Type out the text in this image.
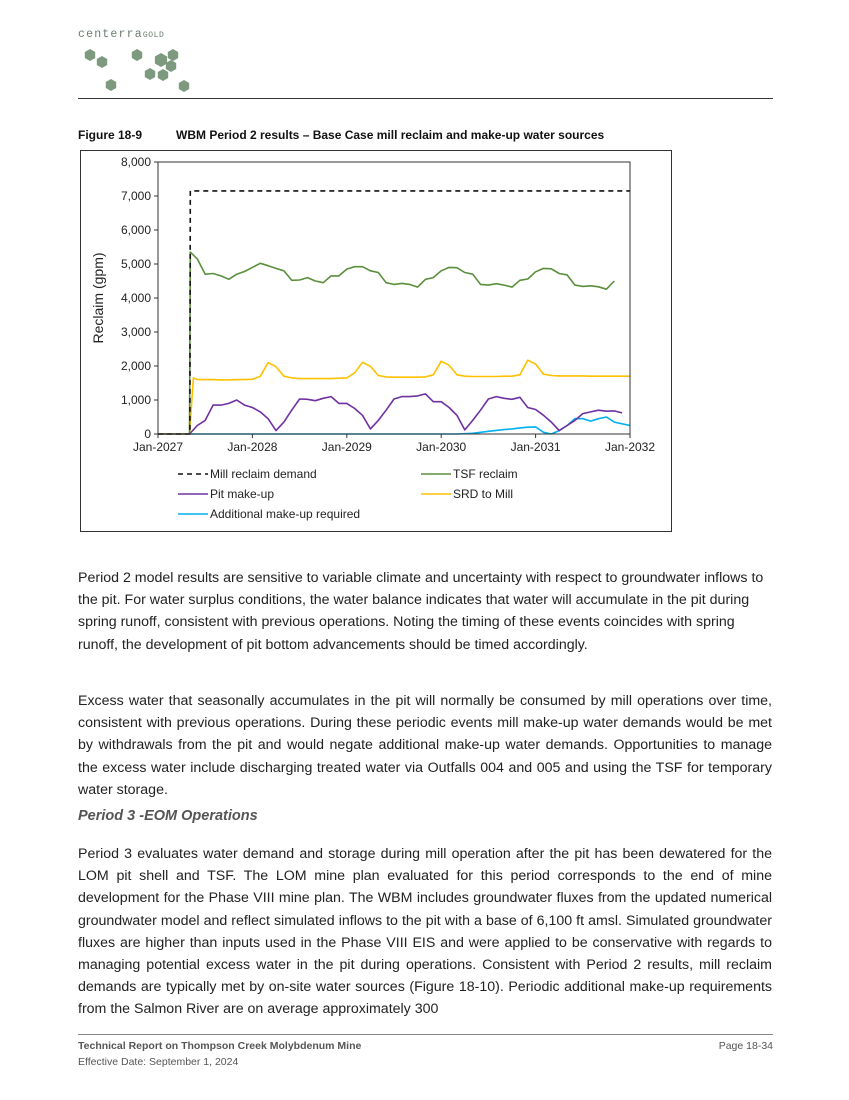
centerraGOLD
Figure 18-9	WBM Period 2 results – Base Case mill reclaim and make-up water sources
0
1,000
2,000
3,000
4,000
5,000
6,000
7,000
8,000
Jan-2027	Jan-2028	Jan-2029	Jan-2030	Jan-2031	Jan-2032
Reclaim (gpm)
Mill reclaim demand	TSF reclaim
Pit make-up	SRD to Mill
Additional make-up required

Period 2 model results are sensitive to variable climate and uncertainty with respect to groundwater inflows to the pit. For water surplus conditions, the water balance indicates that water will accumulate in the pit during spring runoff, consistent with previous operations. Noting the timing of these events coincides with spring runoff, the development of pit bottom advancements should be timed accordingly.

Excess water that seasonally accumulates in the pit will normally be consumed by mill operations over time, consistent with previous operations. During these periodic events mill make-up water demands would be met by withdrawals from the pit and would negate additional make-up water demands. Opportunities to manage the excess water include discharging treated water via Outfalls 004 and 005 and using the TSF for temporary water storage.

Period 3 -EOM Operations

Period 3 evaluates water demand and storage during mill operation after the pit has been dewatered for the LOM pit shell and TSF. The LOM mine plan evaluated for this period corresponds to the end of mine development for the Phase VIII mine plan. The WBM includes groundwater fluxes from the updated numerical groundwater model and reflect simulated inflows to the pit with a base of 6,100 ft amsl. Simulated groundwater fluxes are higher than inputs used in the Phase VIII EIS and were applied to be conservative with regards to managing potential excess water in the pit during operations. Consistent with Period 2 results, mill reclaim demands are typically met by on-site water sources (Figure 18-10). Periodic additional make-up requirements from the Salmon River are on average approximately 300

Technical Report on Thompson Creek Molybdenum Mine
Effective Date: September 1, 2024
Page 18-34
